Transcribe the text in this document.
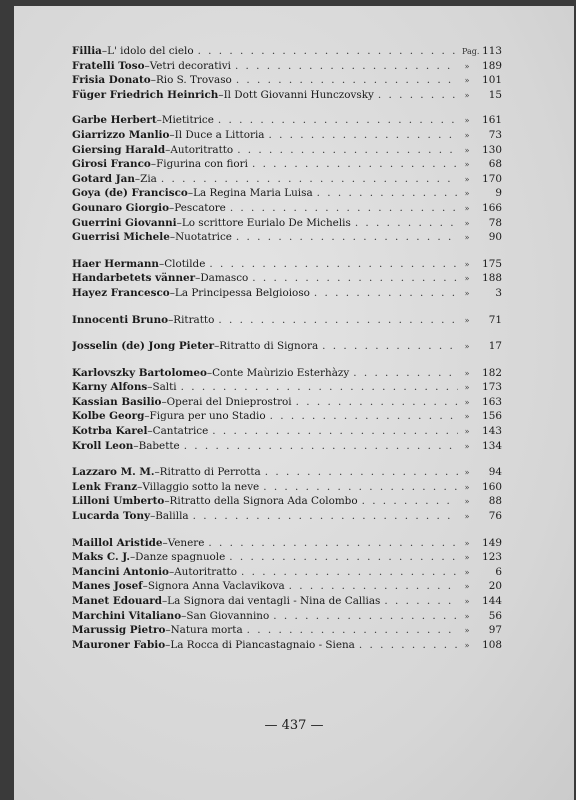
Fillia – L' idolo del cielo . . .	Pag. 113
Fratelli Toso – Vetri decorativi . . .	»	189
Frisia Donato – Rio S. Trovaso . . .	»	101
Füger Friedrich Heinrich – Il Dott Giovanni Hunczovsky . . .	»	15
Garbe Herbert – Mietitrice . . .	»	161
Giarrizzo Manlio – Il Duce a Littoria . . .	»	73
Giersing Harald – Autoritratto . . .	»	130
Girosi Franco – Figurina con fiori . . .	»	68
Gotard Jan – Zia . . .	»	170
Goya (de) Francisco – La Regina Maria Luisa . . .	»	9
Gounaro Giorgio – Pescatore . . .	»	166
Guerrini Giovanni – Lo scrittore Eurialo De Michelis . . .	»	78
Guerrisi Michele – Nuotatrice . . .	»	90
Haer Hermann – Clotilde . . .	»	175
Handarbetets vänner – Damasco . . .	»	188
Hayez Francesco – La Principessa Belgioioso . . .	»	3
Innocenti Bruno – Ritratto . . .	»	71
Josselin (de) Jong Pieter – Ritratto di Signora . . .	»	17
Karlovszky Bartolomeo – Conte Maùrizio Esterhàzy . . .	»	182
Karny Alfons – Salti . . .	»	173
Kassian Basilio – Operai del Dnieprostroi . . .	»	163
Kolbe Georg – Figura per uno Stadio . . .	»	156
Kotrba Karel – Cantatrice . . .	»	143
Kroll Leon – Babette . . .	»	134
Lazzaro M. M. – Ritratto di Perrotta . . .	»	94
Lenk Franz – Villaggio sotto la neve . . .	»	160
Lilloni Umberto – Ritratto della Signora Ada Colombo . . .	»	88
Lucarda Tony – Balilla . . .	»	76
Maillol Aristide – Venere . . .	»	149
Maks C. J. – Danze spagnuole . . .	»	123
Mancini Antonio – Autoritratto . . .	»	6
Manes Josef – Signora Anna Vaclavikova . . .	»	20
Manet Edouard – La Signora dai ventagli - Nina de Callias . . .	»	144
Marchini Vitaliano – San Giovannino . . .	»	56
Marussig Pietro – Natura morta . . .	»	97
Mauroner Fabio – La Rocca di Piancastagnaio - Siena . . .	»	108
— 437 —
